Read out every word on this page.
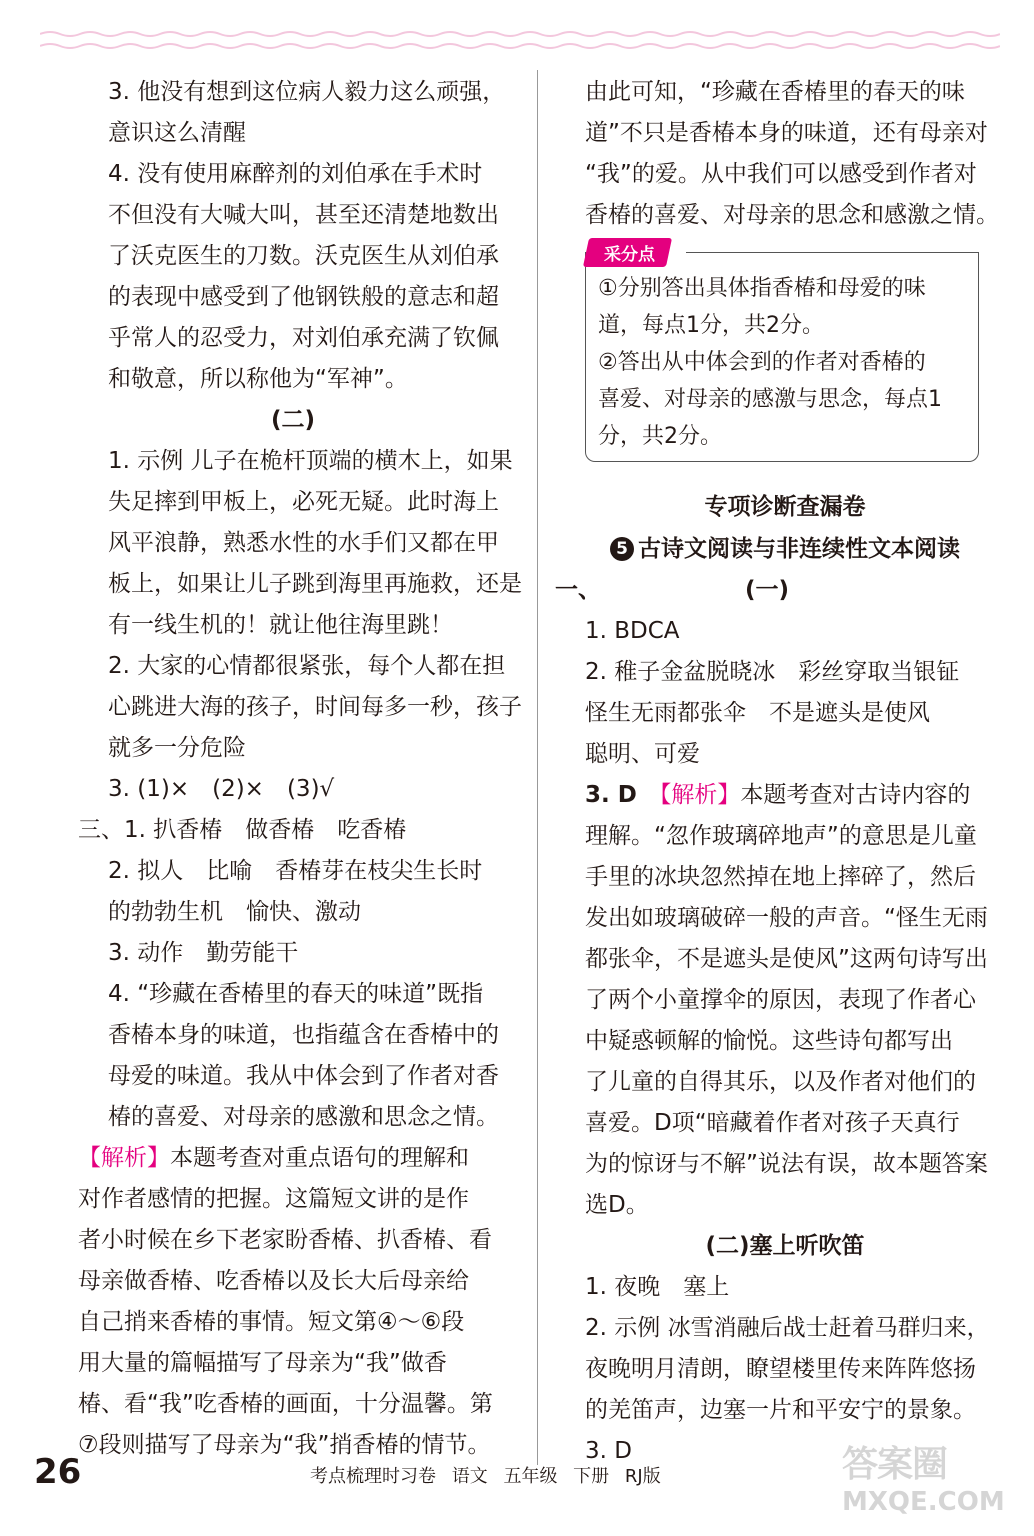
3. 他没有想到这位病人毅力这么顽强，

意识这么清醒

4. 没有使用麻醉剂的刘伯承在手术时

不但没有大喊大叫，甚至还清楚地数出

了沃克医生的刀数。沃克医生从刘伯承

的表现中感受到了他钢铁般的意志和超

乎常人的忍受力，对刘伯承充满了钦佩

和敬意，所以称他为“军神”。

(二)

1. 示例 儿子在桅杆顶端的横木上，如果

失足摔到甲板上，必死无疑。此时海上

风平浪静，熟悉水性的水手们又都在甲

板上，如果让儿子跳到海里再施救，还是

有一线生机的！就让他往海里跳！

2. 大家的心情都很紧张，每个人都在担

心跳进大海的孩子，时间每多一秒，孩子

就多一分危险

3. (1)×　(2)×　(3)√

三、1. 扒香椿　做香椿　吃香椿

2. 拟人　比喻　香椿芽在枝尖生长时

的勃勃生机　愉快、激动

3. 动作　勤劳能干

4. “珍藏在香椿里的春天的味道”既指

香椿本身的味道，也指蕴含在香椿中的

母爱的味道。我从中体会到了作者对香

椿的喜爱、对母亲的感激和思念之情。

【解析】本题考查对重点语句的理解和

对作者感情的把握。这篇短文讲的是作

者小时候在乡下老家盼香椿、扒香椿、看

母亲做香椿、吃香椿以及长大后母亲给

自己捎来香椿的事情。短文第④～⑥段

用大量的篇幅描写了母亲为“我”做香

椿、看“我”吃香椿的画面，十分温馨。第

⑦段则描写了母亲为“我”捎香椿的情节。

由此可知，“珍藏在香椿里的春天的味

道”不只是香椿本身的味道，还有母亲对

“我”的爱。从中我们可以感受到作者对

香椿的喜爱、对母亲的思念和感激之情。

采分点

①分别答出具体指香椿和母爱的味

道，每点1分，共2分。

②答出从中体会到的作者对香椿的

喜爱、对母亲的感激与思念，每点1

分，共2分。

专项诊断查漏卷
5 古诗文阅读与非连续性文本阅读

一、	(一)

1. BDCA

2. 稚子金盆脱晓冰　彩丝穿取当银钲

怪生无雨都张伞　不是遮头是使风

聪明、可爱

3. D　【解析】本题考查对古诗内容的

理解。“忽作玻璃碎地声”的意思是儿童

手里的冰块忽然掉在地上摔碎了，然后

发出如玻璃破碎一般的声音。“怪生无雨

都张伞，不是遮头是使风”这两句诗写出

了两个小童撑伞的原因，表现了作者心

中疑惑顿解的愉悦。这些诗句都写出

了儿童的自得其乐，以及作者对他们的

喜爱。D项“暗藏着作者对孩子天真行

为的惊讶与不解”说法有误，故本题答案

选D。

(二)塞上听吹笛

1. 夜晚　塞上

2. 示例 冰雪消融后战士赶着马群归来，

夜晚明月清朗，瞭望楼里传来阵阵悠扬

的羌笛声，边塞一片和平安宁的景象。

3. D

26	考点梳理时习卷 语文 五年级 下册 RJ版	答案圈
MXQE.COM
